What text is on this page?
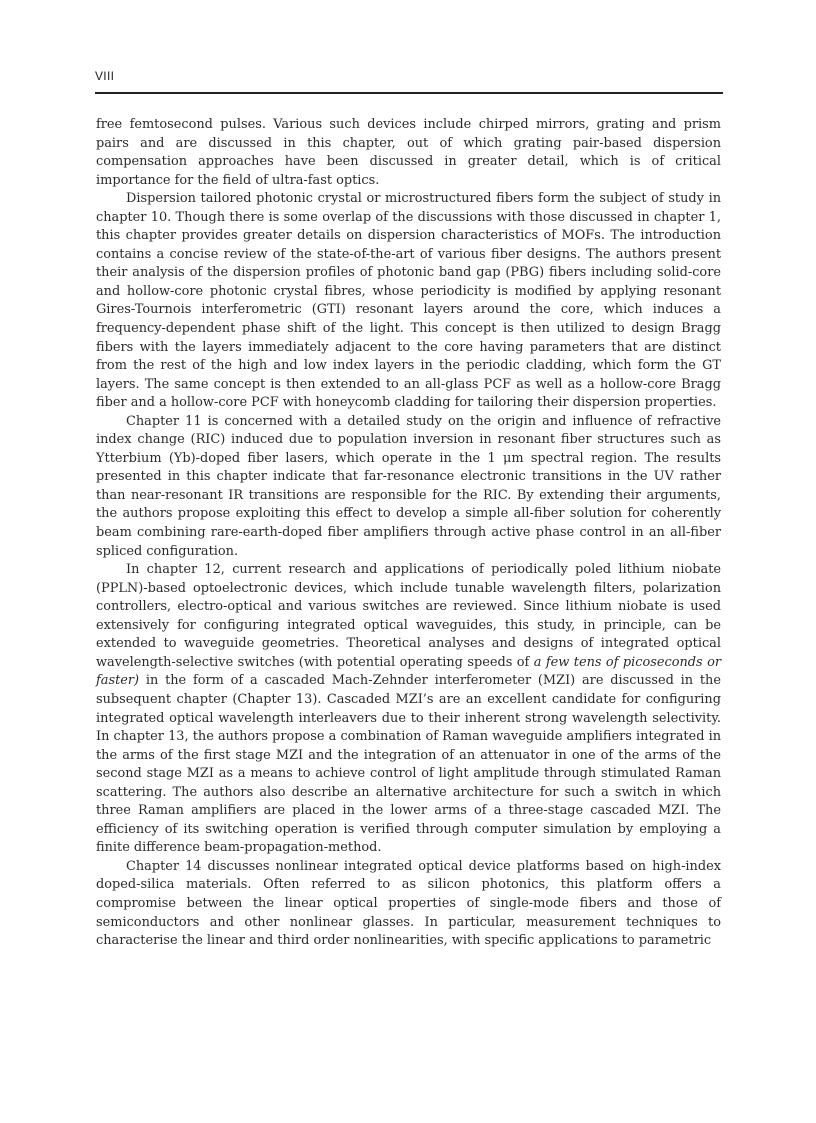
VIII

free femtosecond pulses. Various such devices include chirped mirrors, grating and prism pairs and are discussed in this chapter, out of which grating pair-based dispersion compensation approaches have been discussed in greater detail, which is of critical importance for the field of ultra-fast optics.

Dispersion tailored photonic crystal or microstructured fibers form the subject of study in chapter 10. Though there is some overlap of the discussions with those discussed in chapter 1, this chapter provides greater details on dispersion characteristics of MOFs. The introduction contains a concise review of the state-of-the-art of various fiber designs. The authors present their analysis of the dispersion profiles of photonic band gap (PBG) fibers including solid-core and hollow-core photonic crystal fibres, whose periodicity is modified by applying resonant Gires-Tournois interferometric (GTI) resonant layers around the core, which induces a frequency-dependent phase shift of the light. This concept is then utilized to design Bragg fibers with the layers immediately adjacent to the core having parameters that are distinct from the rest of the high and low index layers in the periodic cladding, which form the GT layers. The same concept is then extended to an all-glass PCF as well as a hollow-core Bragg fiber and a hollow-core PCF with honeycomb cladding for tailoring their dispersion properties.

Chapter 11 is concerned with a detailed study on the origin and influence of refractive index change (RIC) induced due to population inversion in resonant fiber structures such as Ytterbium (Yb)-doped fiber lasers, which operate in the 1 μm spectral region. The results presented in this chapter indicate that far-resonance electronic transitions in the UV rather than near-resonant IR transitions are responsible for the RIC. By extending their arguments, the authors propose exploiting this effect to develop a simple all-fiber solution for coherently beam combining rare-earth-doped fiber amplifiers through active phase control in an all-fiber spliced configuration.

In chapter 12, current research and applications of periodically poled lithium niobate (PPLN)-based optoelectronic devices, which include tunable wavelength filters, polarization controllers, electro-optical and various switches are reviewed. Since lithium niobate is used extensively for configuring integrated optical waveguides, this study, in principle, can be extended to waveguide geometries. Theoretical analyses and designs of integrated optical wavelength-selective switches (with potential operating speeds of a few tens of picoseconds or faster) in the form of a cascaded Mach-Zehnder interferometer (MZI) are discussed in the subsequent chapter (Chapter 13). Cascaded MZI’s are an excellent candidate for configuring integrated optical wavelength interleavers due to their inherent strong wavelength selectivity. In chapter 13, the authors propose a combination of Raman waveguide amplifiers integrated in the arms of the first stage MZI and the integration of an attenuator in one of the arms of the second stage MZI as a means to achieve control of light amplitude through stimulated Raman scattering. The authors also describe an alternative architecture for such a switch in which three Raman amplifiers are placed in the lower arms of a three-stage cascaded MZI. The efficiency of its switching operation is verified through computer simulation by employing a finite difference beam-propagation-method.

Chapter 14 discusses nonlinear integrated optical device platforms based on high-index doped-silica materials. Often referred to as silicon photonics, this platform offers a compromise between the linear optical properties of single-mode fibers and those of semiconductors and other nonlinear glasses. In particular, measurement techniques to characterise the linear and third order nonlinearities, with specific applications to parametric
